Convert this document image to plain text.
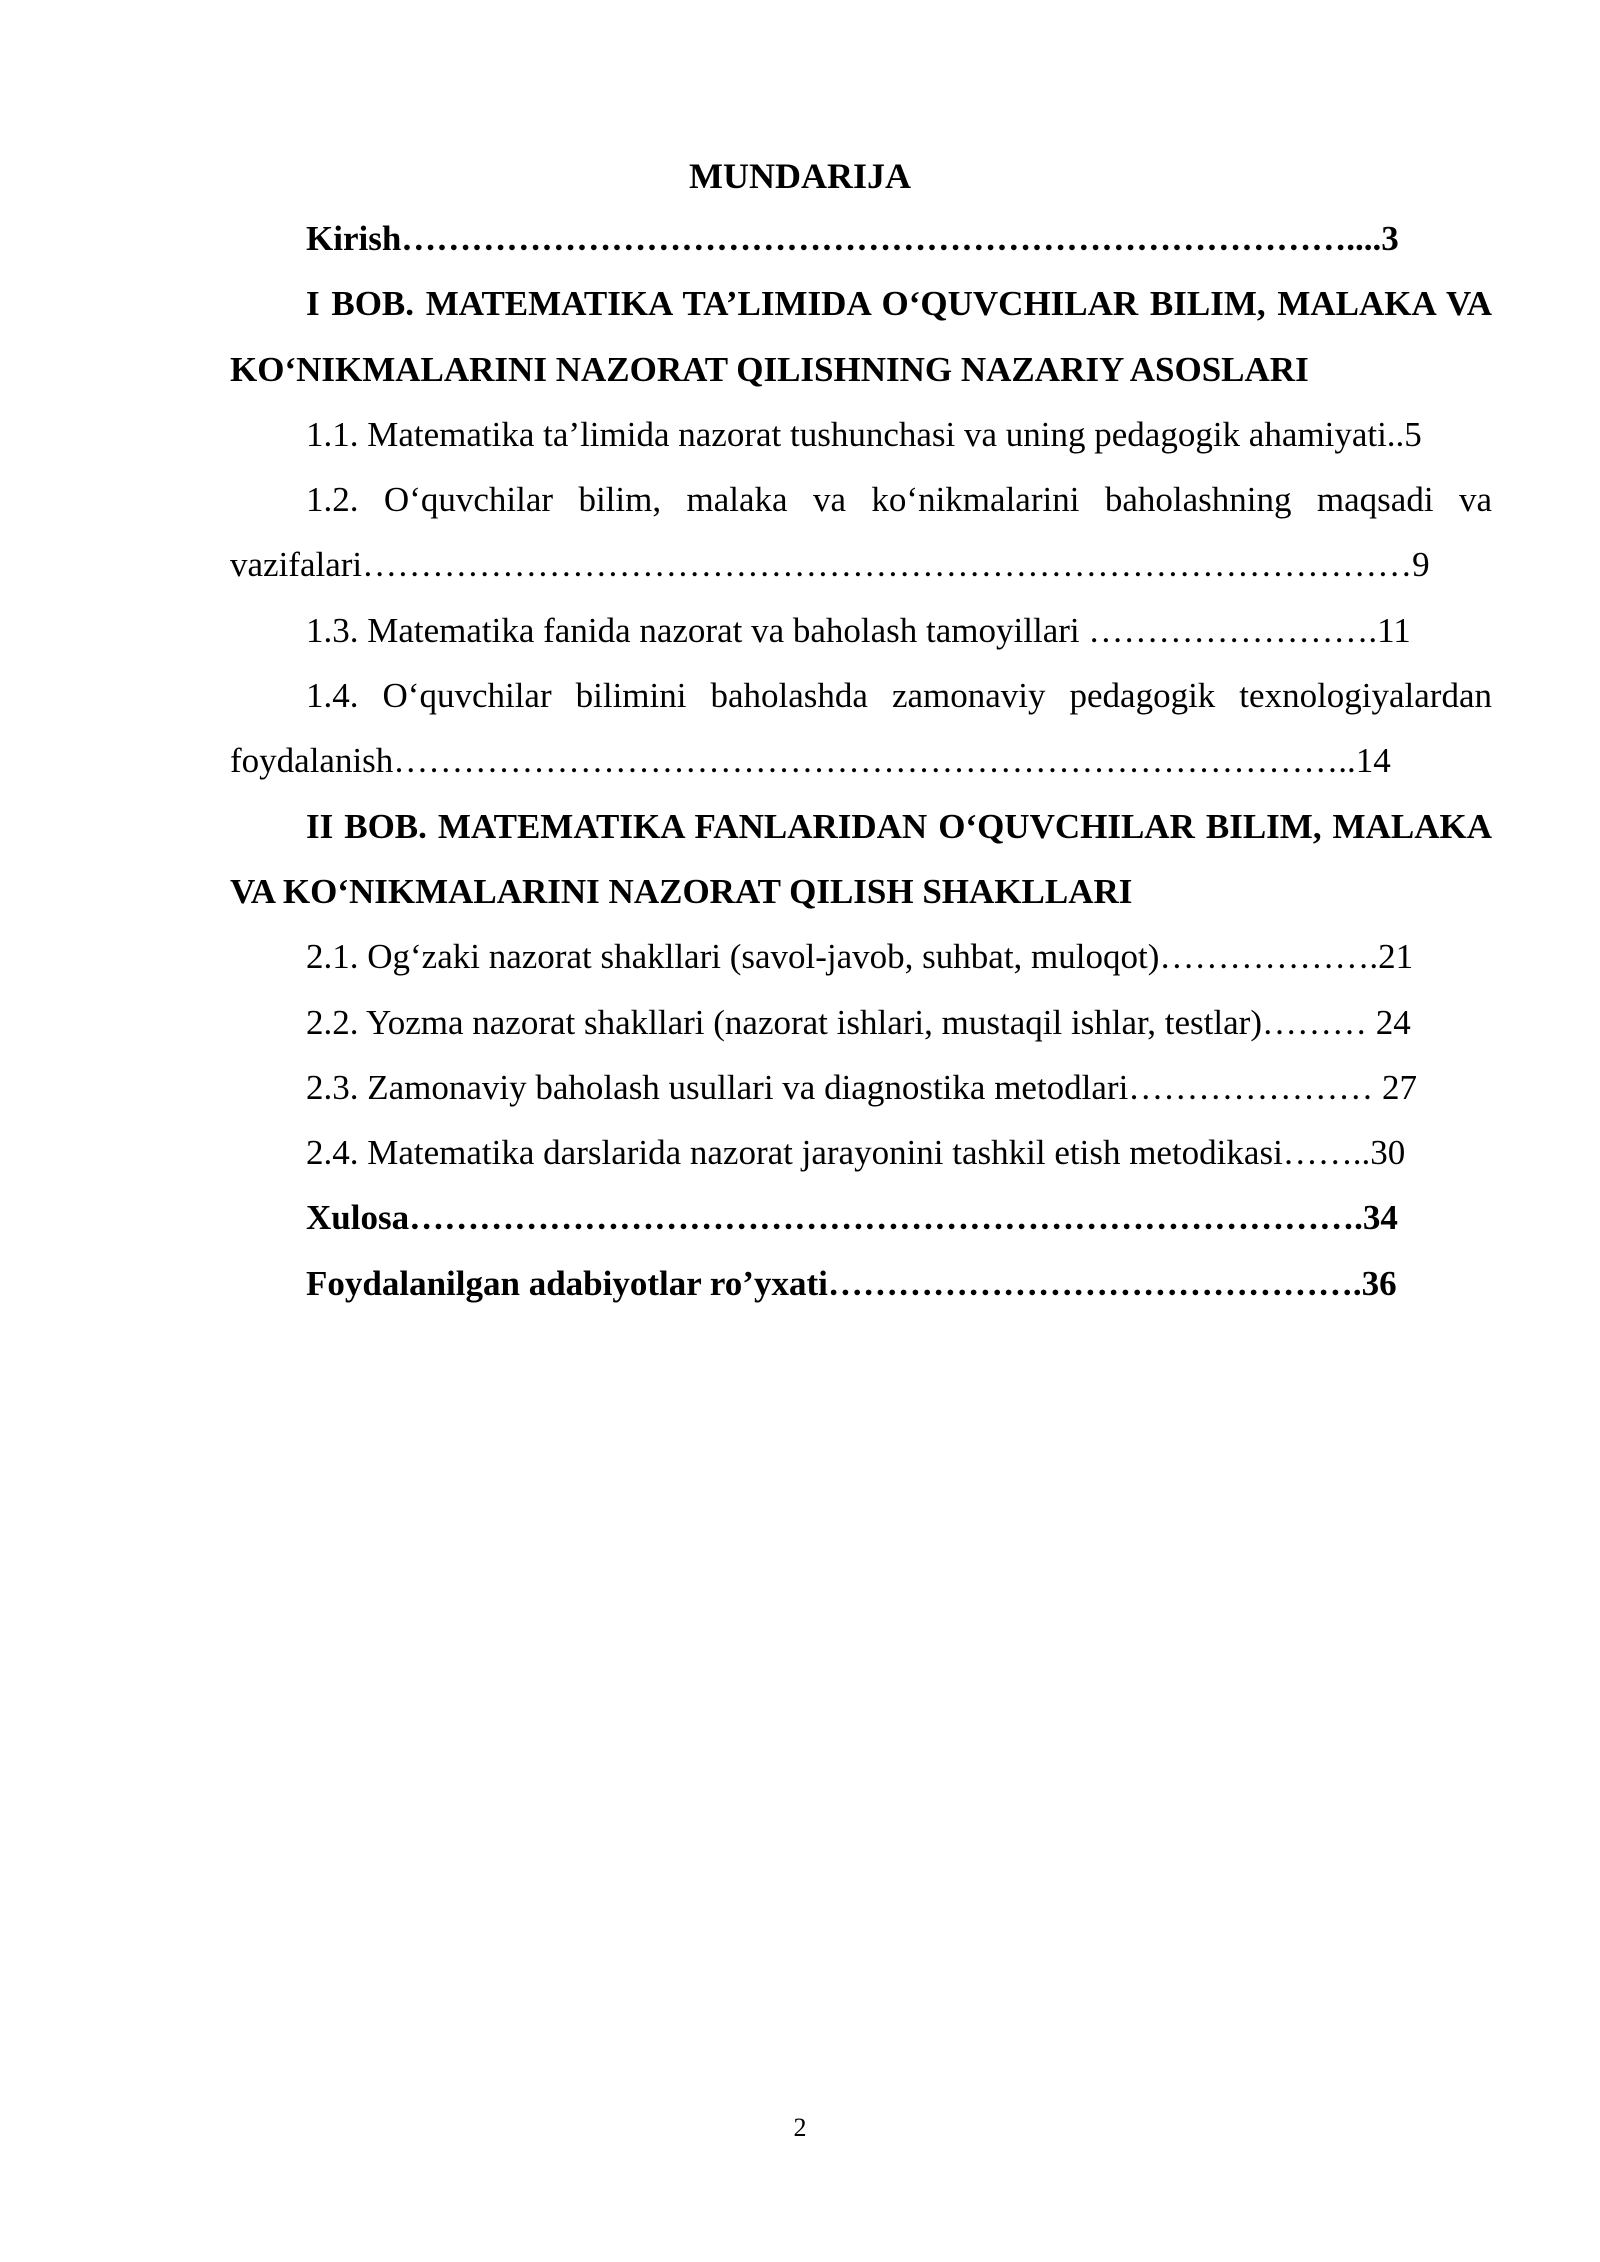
MUNDARIJA

Kirish………………………………………………………………………....3

I BOB. MATEMATIKA TA’LIMIDA O‘QUVCHILAR BILIM, MALAKA VA KO‘NIKMALARINI NAZORAT QILISHNING NAZARIY ASOSLARI

1.1. Matematika ta’limida nazorat tushunchasi va uning pedagogik ahamiyati..5

1.2. O‘quvchilar bilim, malaka va ko‘nikmalarini baholashning maqsadi va vazifalari………………………………………………………………………………9

1.3. Matematika fanida nazorat va baholash tamoyillari …………………….11

1.4. O‘quvchilar bilimini baholashda zamonaviy pedagogik texnologiyalardan foydalanish………………………………………………………………………..14

II BOB. MATEMATIKA FANLARIDAN O‘QUVCHILAR BILIM, MALAKA VA KO‘NIKMALARINI NAZORAT QILISH SHAKLLARI

2.1. Og‘zaki nazorat shakllari (savol-javob, suhbat, muloqot)……………….21

2.2. Yozma nazorat shakllari (nazorat ishlari, mustaqil ishlar, testlar)……… 24

2.3. Zamonaviy baholash usullari va diagnostika metodlari………………… 27

2.4. Matematika darslarida nazorat jarayonini tashkil etish metodikasi……..30

Xulosa……………………………………………………………………….34

Foydalanilgan adabiyotlar ro’yxati……………………………………….36

2
